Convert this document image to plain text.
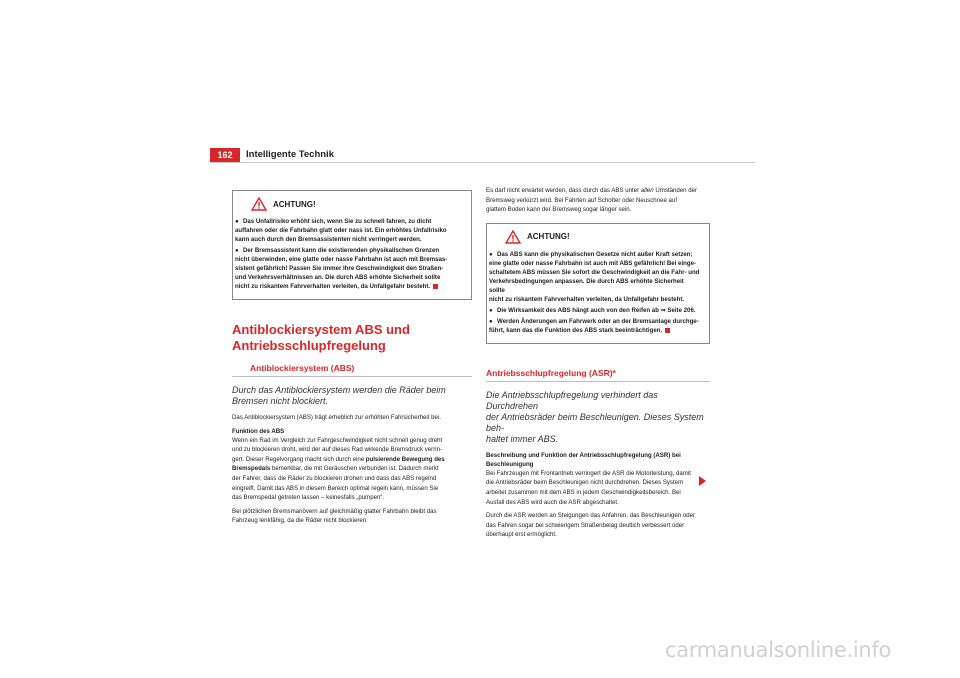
162	Intelligente Technik
ACHTUNG!
● Das Unfallrisiko erhöht sich, wenn Sie zu schnell fahren, zu dicht
auffahren oder die Fahrbahn glatt oder nass ist. Ein erhöhtes Unfallrisiko
kann auch durch den Bremsassistenten nicht verringert werden.
● Der Bremsassistent kann die existierenden physikalischen Grenzen
nicht überwinden, eine glatte oder nasse Fahrbahn ist auch mit Bremsas-
sistent gefährlich! Passen Sie immer Ihre Geschwindigkeit den Straßen-
und Verkehrsverhältnissen an. Die durch ABS erhöhte Sicherheit sollte
nicht zu riskantem Fahrverhalten verleiten, da Unfallgefahr besteht.
Antiblockiersystem ABS und
Antriebsschlupfregelung
Antiblockiersystem (ABS)
Durch das Antiblockiersystem werden die Räder beim
Bremsen nicht blockiert.
Das Antiblockiersystem (ABS) trägt erheblich zur erhöhten Fahrsicherheit bei.
Funktion des ABS
Wenn ein Rad im Vergleich zur Fahrgeschwindigkeit nicht schnell genug dreht
und zu blockieren droht, wird der auf dieses Rad wirkende Bremsdruck verrin-
gert. Dieser Regelvorgang macht sich durch eine pulsierende Bewegung des
Bremspedals bemerkbar, die mit Geräuschen verbunden ist. Dadurch merkt
der Fahrer, dass die Räder zu blockieren drohen und dass das ABS regelnd
eingreift. Damit das ABS in diesem Bereich optimal regeln kann, müssen Sie
das Bremspedal getreten lassen – keinesfalls „pumpen“.
Bei plötzlichen Bremsmanövern auf gleichmäßig glatter Fahrbahn bleibt das
Fahrzeug lenkfähig, da die Räder nicht blockieren.
Es darf nicht erwartet werden, dass durch das ABS unter allen Umständen der
Bremsweg verkürzt wird. Bei Fahrten auf Schotter oder Neuschnee auf
glattem Boden kann der Bremsweg sogar länger sein.
ACHTUNG!
● Das ABS kann die physikalischen Gesetze nicht außer Kraft setzen;
eine glatte oder nasse Fahrbahn ist auch mit ABS gefährlich! Bei einge-
schaltetem ABS müssen Sie sofort die Geschwindigkeit an die Fahr- und
Verkehrsbedingungen anpassen. Die durch ABS erhöhte Sicherheit sollte
nicht zu riskantem Fahrverhalten verleiten, da Unfallgefahr besteht.
● Die Wirksamkeit des ABS hängt auch von den Reifen ab ⇒ Seite 206.
● Werden Änderungen am Fahrwerk oder an der Bremsanlage durchge-
führt, kann das die Funktion des ABS stark beeinträchtigen.
Antriebsschlupfregelung (ASR)*
Die Antriebsschlupfregelung verhindert das Durchdrehen
der Antriebsräder beim Beschleunigen. Dieses System beh-
haltet immer ABS.
Beschreibung und Funktion der Antriebsschlupfregelung (ASR) bei
Beschleunigung
Bei Fahrzeugen mit Frontantrieb verringert die ASR die Motorleistung, damit
die Antriebsräder beim Beschleunigen nicht durchdrehen. Dieses System
arbeitet zusammen mit dem ABS in jedem Geschwindigkeitsbereich. Bei
Ausfall des ABS wird auch die ASR abgeschaltet.
Durch die ASR werden an Steigungen das Anfahren, das Beschleunigen oder
das Fahren sogar bei schwierigem Straßenbelag deutlich verbessert oder
überhaupt erst ermöglicht.
carmanualsonline.info
